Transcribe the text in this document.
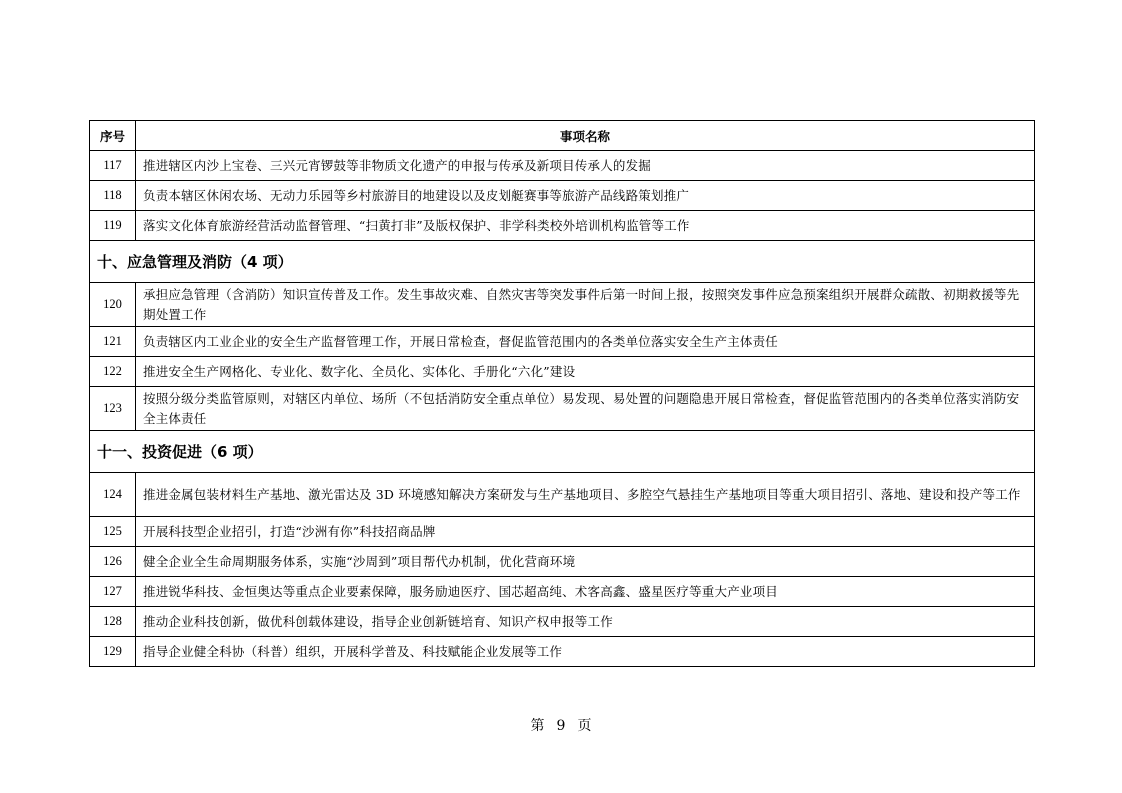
序号	事项名称
117	推进辖区内沙上宝卷、三兴元宵锣鼓等非物质文化遗产的申报与传承及新项目传承人的发掘
118	负责本辖区休闲农场、无动力乐园等乡村旅游目的地建设以及皮划艇赛事等旅游产品线路策划推广
119	落实文化体育旅游经营活动监督管理、“扫黄打非”及版权保护、非学科类校外培训机构监管等工作
十、应急管理及消防（4 项）	
120	承担应急管理（含消防）知识宣传普及工作。发生事故灾难、自然灾害等突发事件后第一时间上报，按照突发事件应急预案组织开展群众疏散、初期救援等先期处置工作
121	负责辖区内工业企业的安全生产监督管理工作，开展日常检查，督促监管范围内的各类单位落实安全生产主体责任
122	推进安全生产网格化、专业化、数字化、全员化、实体化、手册化“六化”建设
123	按照分级分类监管原则，对辖区内单位、场所（不包括消防安全重点单位）易发现、易处置的问题隐患开展日常检查，督促监管范围内的各类单位落实消防安全主体责任
十一、投资促进（6 项）	
124	推进金属包装材料生产基地、激光雷达及 3D 环境感知解决方案研发与生产基地项目、多腔空气悬挂生产基地项目等重大项目招引、落地、建设和投产等工作
125	开展科技型企业招引，打造“沙洲有你”科技招商品牌
126	健全企业全生命周期服务体系，实施“沙周到”项目帮代办机制，优化营商环境
127	推进锐华科技、金恒奥达等重点企业要素保障，服务励迪医疗、国芯超高纯、术客高鑫、盛星医疗等重大产业项目
128	推动企业科技创新，做优科创载体建设，指导企业创新链培育、知识产权申报等工作
129	指导企业健全科协（科普）组织，开展科学普及、科技赋能企业发展等工作
第 9 页
